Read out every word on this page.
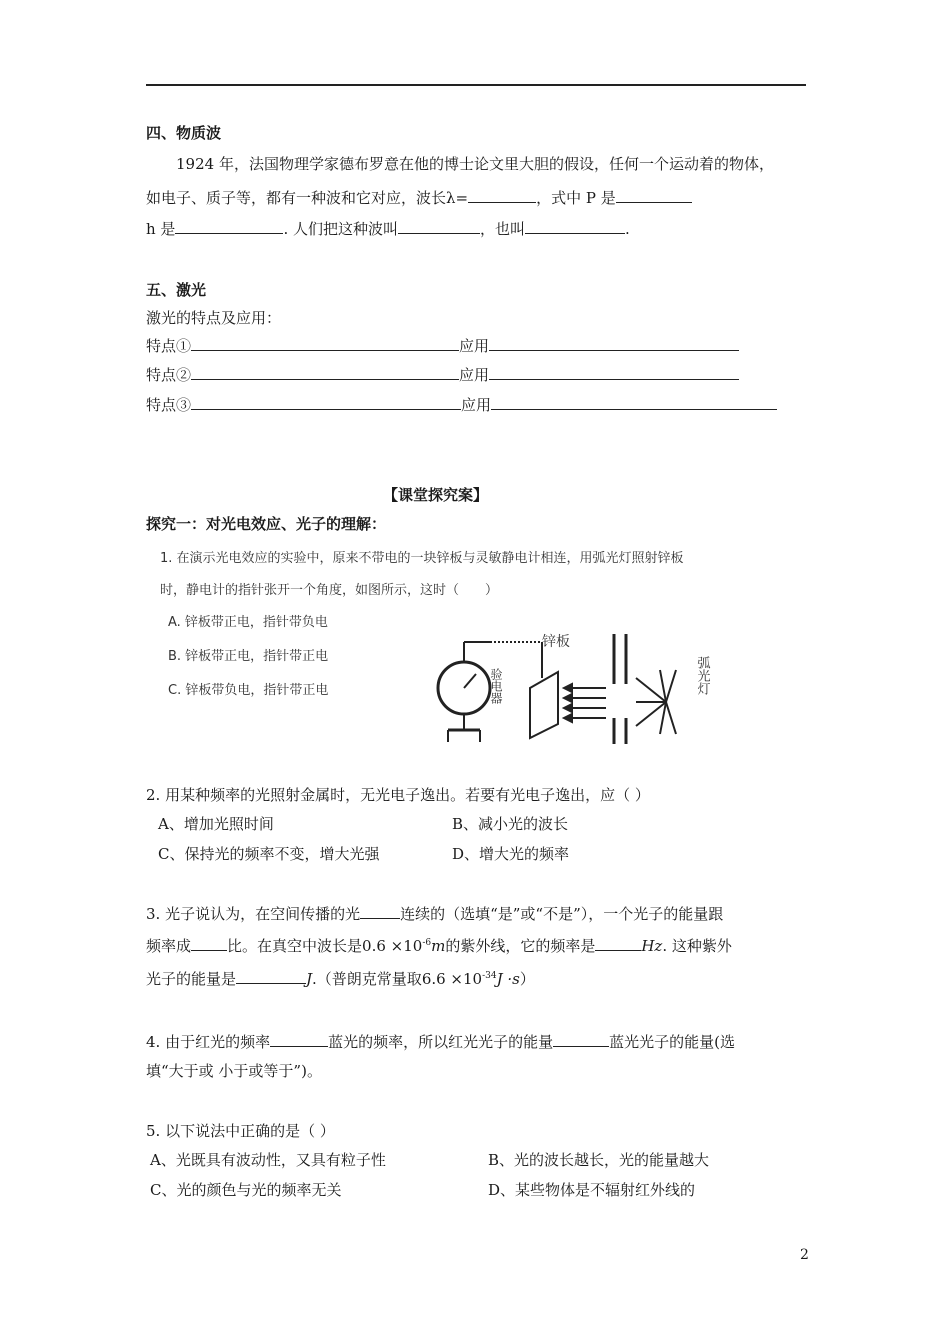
四、物质波
1924 年，法国物理学家德布罗意在他的博士论文里大胆的假设，任何一个运动着的物体，
如电子、质子等，都有一种波和它对应，波长λ=	，式中 P 是
h 是	. 人们把这种波叫	，也叫	.
五、激光
激光的特点及应用：
特点①	应用
特点②	应用
特点③	应用
【课堂探究案】
探究一：对光电效应、光子的理解：
1. 在演示光电效应的实验中，原来不带电的一块锌板与灵敏静电计相连，用弧光灯照射锌板
时，静电计的指针张开一个角度，如图所示，这时（　　）
A. 锌板带正电，指针带负电
B. 锌板带正电，指针带正电
C. 锌板带负电，指针带正电
锌板
验电器	弧光灯
2. 用某种频率的光照射金属时，无光电子逸出。若要有光电子逸出，应（ ）
A、增加光照时间	B、减小光的波长
C、保持光的频率不变，增大光强	D、增大光的频率
3. 光子说认为，在空间传播的光	连续的（选填“是”或“不是”），一个光子的能量跟
频率成 比。在真空中波长是$0.6 \times 10^{-6}m$的紫外线，它的频率是	Hz. 这种紫外
光子的能量是	J.（普朗克常量取$6.6 \times 10^{-34}J \cdot s$）
4. 由于红光的频率	蓝光的频率，所以红光光子的能量	蓝光光子的能量(选
填“大于或 小于或等于”)。
5. 以下说法中正确的是（ ）
A、光既具有波动性，又具有粒子性	B、光的波长越长，光的能量越大
C、光的颜色与光的频率无关	D、某些物体是不辐射红外线的
2
